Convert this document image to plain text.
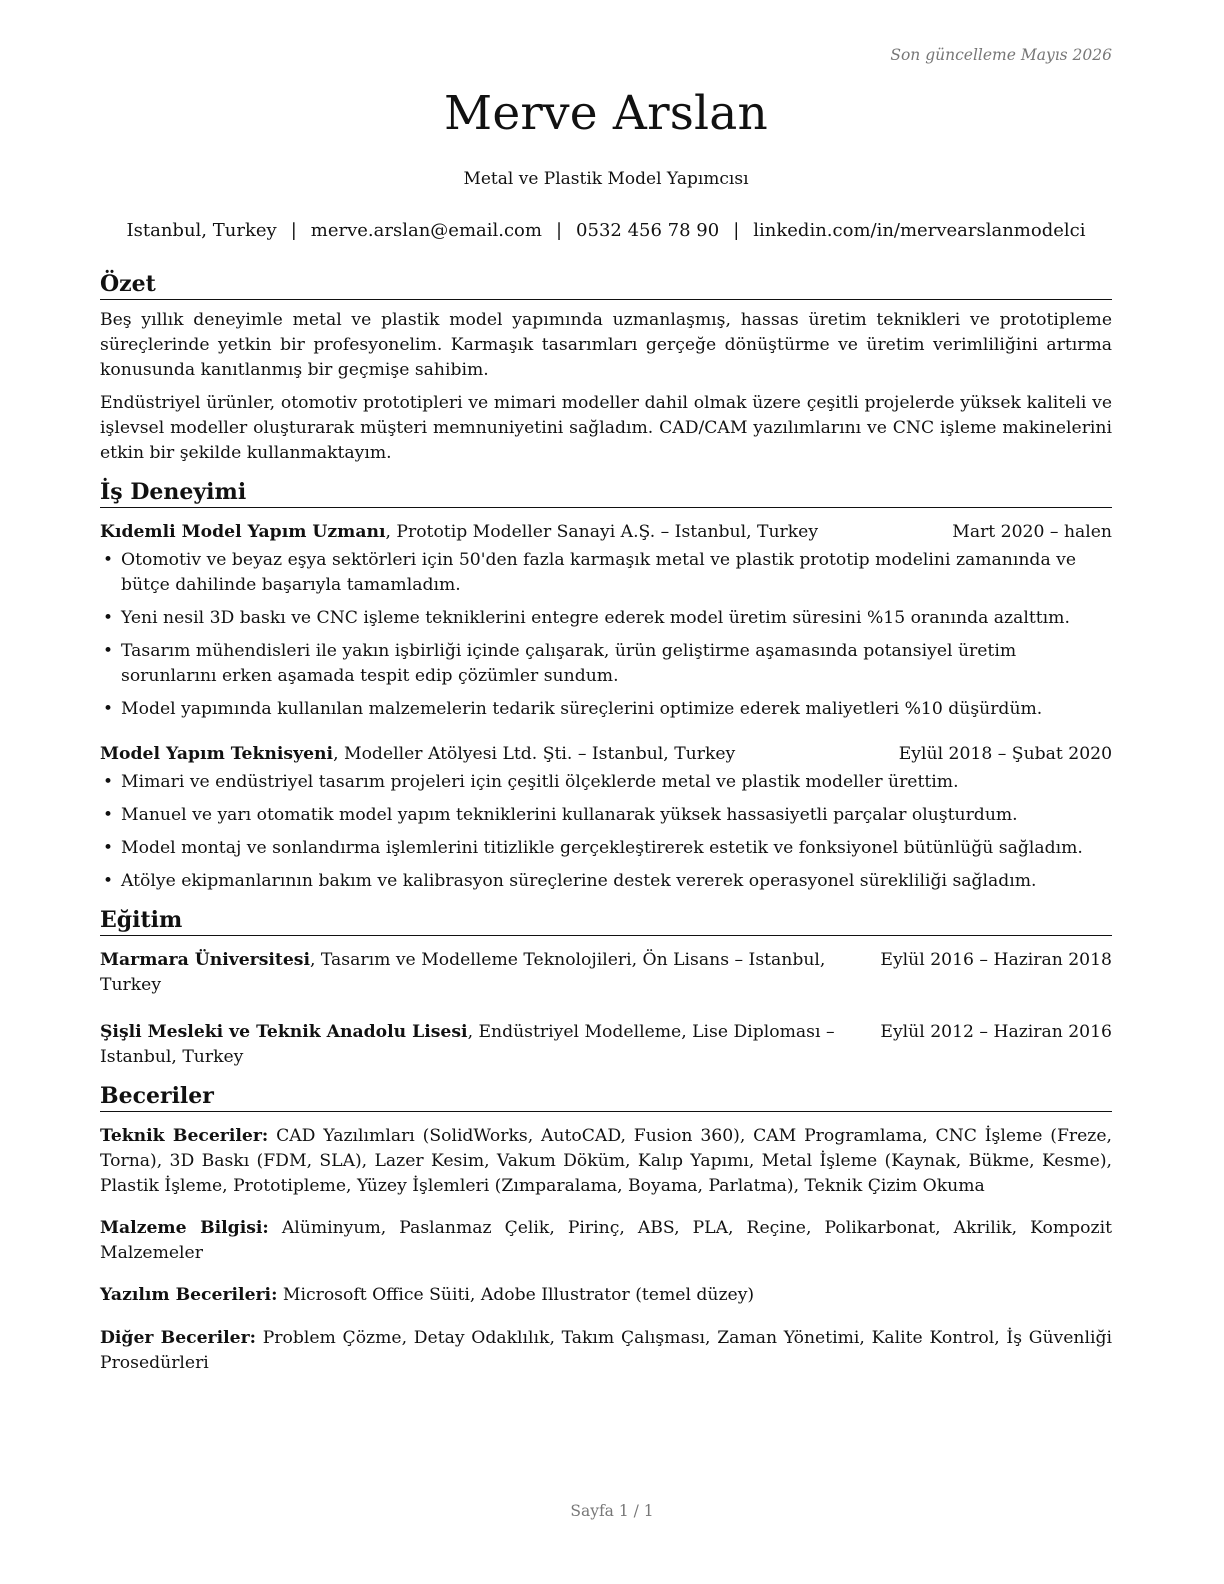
Son güncelleme Mayıs 2026
Merve Arslan

Metal ve Plastik Model Yapımcısı

Istanbul, Turkey | merve.arslan@email.com | 0532 456 78 90 | linkedin.com/in/mervearslanmodelci
Özet

Beş yıllık deneyimle metal ve plastik model yapımında uzmanlaşmış, hassas üretim teknikleri ve prototipleme süreçlerinde yetkin bir profesyonelim. Karmaşık tasarımları gerçeğe dönüştürme ve üretim verimliliğini artırma konusunda kanıtlanmış bir geçmişe sahibim.

Endüstriyel ürünler, otomotiv prototipleri ve mimari modeller dahil olmak üzere çeşitli projelerde yüksek kaliteli ve işlevsel modeller oluşturarak müşteri memnuniyetini sağladım. CAD/CAM yazılımlarını ve CNC işleme makinelerini etkin bir şekilde kullanmaktayım.

İş Deneyimi
Kıdemli Model Yapım Uzmanı, Prototip Modeller Sanayi A.Ş. – Istanbul, Turkey	Mart 2020 – halen
• Otomotiv ve beyaz eşya sektörleri için 50'den fazla karmaşık metal ve plastik prototip modelini zamanında ve bütçe dahilinde başarıyla tamamladım.
• Yeni nesil 3D baskı ve CNC işleme tekniklerini entegre ederek model üretim süresini %15 oranında azalttım.
• Tasarım mühendisleri ile yakın işbirliği içinde çalışarak, ürün geliştirme aşamasında potansiyel üretim sorunlarını erken aşamada tespit edip çözümler sundum.
• Model yapımında kullanılan malzemelerin tedarik süreçlerini optimize ederek maliyetleri %10 düşürdüm.
Model Yapım Teknisyeni, Modeller Atölyesi Ltd. Şti. – Istanbul, Turkey	Eylül 2018 – Şubat 2020
• Mimari ve endüstriyel tasarım projeleri için çeşitli ölçeklerde metal ve plastik modeller ürettim.
• Manuel ve yarı otomatik model yapım tekniklerini kullanarak yüksek hassasiyetli parçalar oluşturdum.
• Model montaj ve sonlandırma işlemlerini titizlikle gerçekleştirerek estetik ve fonksiyonel bütünlüğü sağladım.
• Atölye ekipmanlarının bakım ve kalibrasyon süreçlerine destek vererek operasyonel sürekliliği sağladım.
Eğitim
Marmara Üniversitesi, Tasarım ve Modelleme Teknolojileri, Ön Lisans – Istanbul, Turkey
Eylül 2016 – Haziran 2018
Şişli Mesleki ve Teknik Anadolu Lisesi, Endüstriyel Modelleme, Lise Diploması – Istanbul, Turkey
Eylül 2012 – Haziran 2016
Beceriler

Teknik Beceriler: CAD Yazılımları (SolidWorks, AutoCAD, Fusion 360), CAM Programlama, CNC İşleme (Freze, Torna), 3D Baskı (FDM, SLA), Lazer Kesim, Vakum Döküm, Kalıp Yapımı, Metal İşleme (Kaynak, Bükme, Kesme), Plastik İşleme, Prototipleme, Yüzey İşlemleri (Zımparalama, Boyama, Parlatma), Teknik Çizim Okuma

Malzeme Bilgisi: Alüminyum, Paslanmaz Çelik, Pirinç, ABS, PLA, Reçine, Polikarbonat, Akrilik, Kompozit Malzemeler

Yazılım Becerileri: Microsoft Office Süiti, Adobe Illustrator (temel düzey)

Diğer Beceriler: Problem Çözme, Detay Odaklılık, Takım Çalışması, Zaman Yönetimi, Kalite Kontrol, İş Güvenliği Prosedürleri

Sayfa 1 / 1
